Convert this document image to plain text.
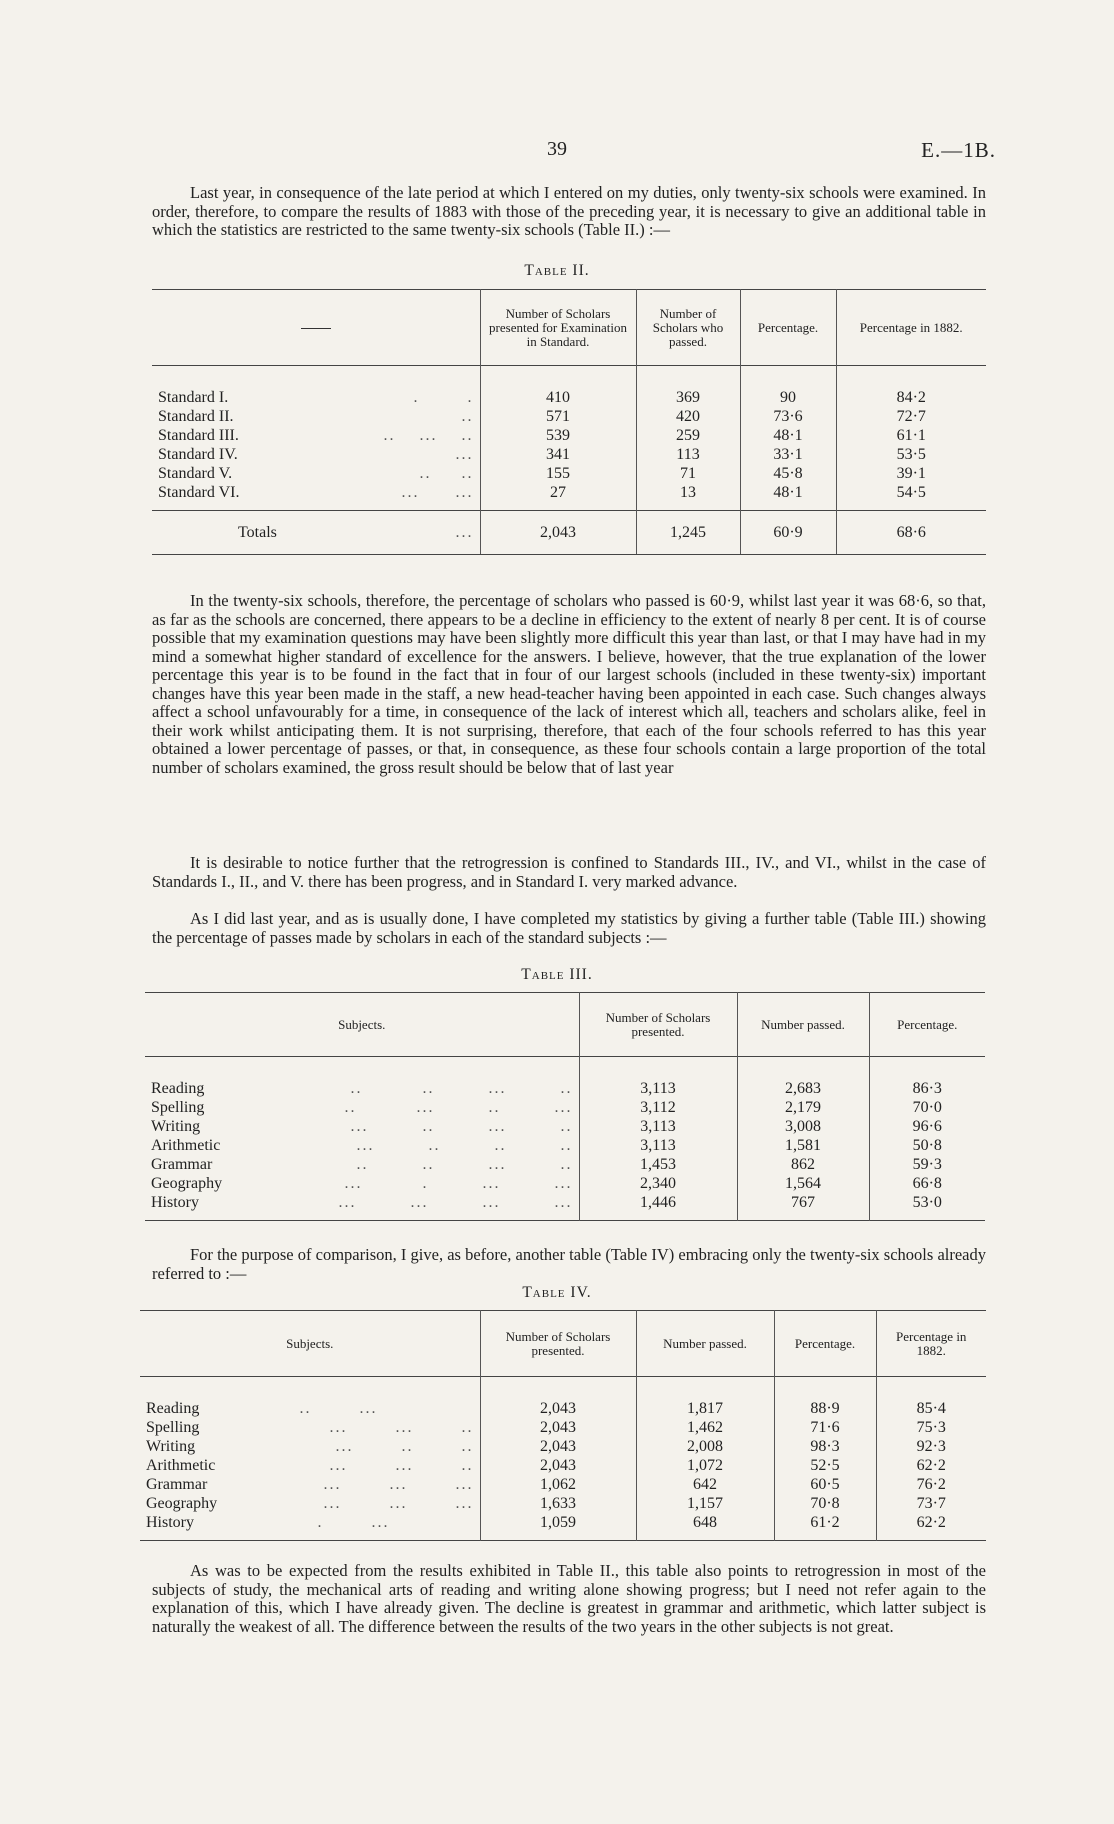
39	E.—1B.

Last year, in consequence of the late period at which I entered on my duties, only twenty-six schools were examined. In order, therefore, to compare the results of 1883 with those of the preceding year, it is necessary to give an additional table in which the statistics are restricted to the same twenty-six schools (Table II.) :—

Table II.
	Number of Scholars presented for Examination in Standard.	Number of Scholars who passed.	Percentage.	Percentage in 1882.

Standard I. .        .	410	369	90	84·2

Standard II. ..	571	420	73·6	72·7

Standard III. ..    ...    ..	539	259	48·1	61·1

Standard IV. ...	341	113	33·1	53·5

Standard V. ..     ..	155	71	45·8	39·1

Standard VI. ...      ...	27	13	48·1	54·5

Totals ...	2,043	1,245	60·9	68·6

In the twenty-six schools, therefore, the percentage of scholars who passed is 60·9, whilst last year it was 68·6, so that, as far as the schools are concerned, there appears to be a decline in efficiency to the extent of nearly 8 per cent. It is of course possible that my examination questions may have been slightly more difficult this year than last, or that I may have had in my mind a somewhat higher standard of excellence for the answers. I believe, however, that the true explanation of the lower percentage this year is to be found in the fact that in four of our largest schools (included in these twenty-six) important changes have this year been made in the staff, a new head-teacher having been appointed in each case. Such changes always affect a school unfavourably for a time, in consequence of the lack of interest which all, teachers and scholars alike, feel in their work whilst anticipating them. It is not surprising, therefore, that each of the four schools referred to has this year obtained a lower percentage of passes, or that, in consequence, as these four schools contain a large proportion of the total number of scholars examined, the gross result should be below that of last year

It is desirable to notice further that the retrogression is confined to Standards III., IV., and VI., whilst in the case of Standards I., II., and V. there has been progress, and in Standard I. very marked advance.

As I did last year, and as is usually done, I have completed my statistics by giving a further table (Table III.) showing the percentage of passes made by scholars in each of the standard subjects :—

Table III.
Subjects.	Number of Scholars presented.	Number passed.	Percentage.

Reading ..          ..         ...         ..	3,113	2,683	86·3

Spelling ..          ...         ..         ...	3,112	2,179	70·0

Writing ...         ..         ...         ..	3,113	3,008	96·6

Arithmetic ...         ..         ..         ..	3,113	1,581	50·8

Grammar ..         ..         ...         ..	1,453	862	59·3

Geography ...          .         ...         ...	2,340	1,564	66·8

History ...         ...         ...         ...	1,446	767	53·0

For the purpose of comparison, I give, as before, another table (Table IV) embracing only the twenty-six schools already referred to :—

Table IV.
Subjects.	Number of Scholars presented.	Number passed.	Percentage.	Percentage in 1882.

Reading ..        ...	2,043	1,817	88·9	85·4

Spelling ...        ...        ..	2,043	1,462	71·6	75·3

Writing ...        ..        ..	2,043	2,008	98·3	92·3

Arithmetic ...        ...        ..	2,043	1,072	52·5	62·2

Grammar ...        ...        ...	1,062	642	60·5	76·2

Geography ...        ...        ...	1,633	1,157	70·8	73·7

History .        ...	1,059	648	61·2	62·2

As was to be expected from the results exhibited in Table II., this table also points to retrogression in most of the subjects of study, the mechanical arts of reading and writing alone showing progress; but I need not refer again to the explanation of this, which I have already given. The decline is greatest in grammar and arithmetic, which latter subject is naturally the weakest of all. The difference between the results of the two years in the other subjects is not great.
